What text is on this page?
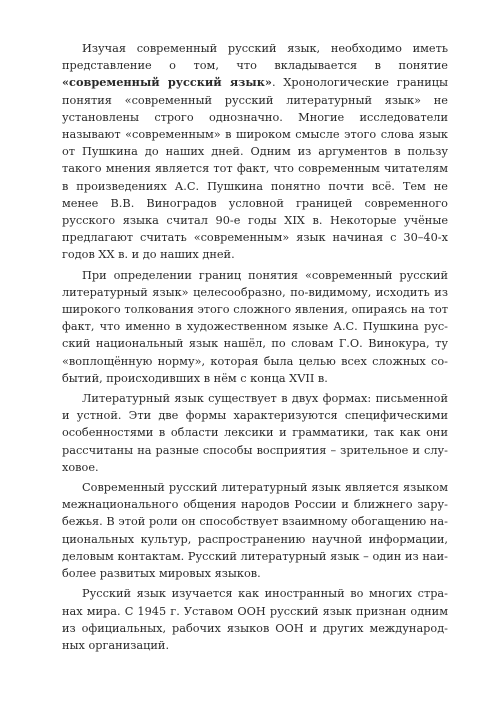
Изучая современный русский язык, необходимо иметь представление о том, что вкладывается в понятие «современный русский язык». Хронологические границы понятия «современный русский литературный язык» не установлены строго однозначно. Многие исследователи называют «современным» в широком смысле этого слова язык от Пушкина до наших дней. Одним из аргументов в пользу такого мнения является тот факт, что современным читателям в произведениях А.С. Пушкина понятно почти всё. Тем не менее В.В. Виноградов условной границей современного русского языка считал 90-е годы XIX в. Некоторые учёные предлагают считать «современным» язык начиная с 30–40-х годов XX в. и до наших дней.

При определении границ понятия «современный русский литературный язык» целесообразно, по-видимому, исходить из широкого толкования этого сложного явления, опираясь на тот факт, что именно в художественном языке А.С. Пушкина русский национальный язык нашёл, по словам Г.О. Винокура, ту «воплощённую норму», которая была целью всех сложных событий, происходивших в нём с конца XVII в.

Литературный язык существует в двух формах: письменной и устной. Эти две формы характеризуются специфическими особенностями в области лексики и грамматики, так как они рассчитаны на разные способы восприятия – зрительное и слуховое.

Современный русский литературный язык является языком межнационального общения народов России и ближнего зарубежья. В этой роли он способствует взаимному обогащению национальных культур, распространению научной информации, деловым контактам. Русский литературный язык – один из наиболее развитых мировых языков.

Русский язык изучается как иностранный во многих странах мира. С 1945 г. Уставом ООН русский язык признан одним из официальных, рабочих языков ООН и других международных организаций.
